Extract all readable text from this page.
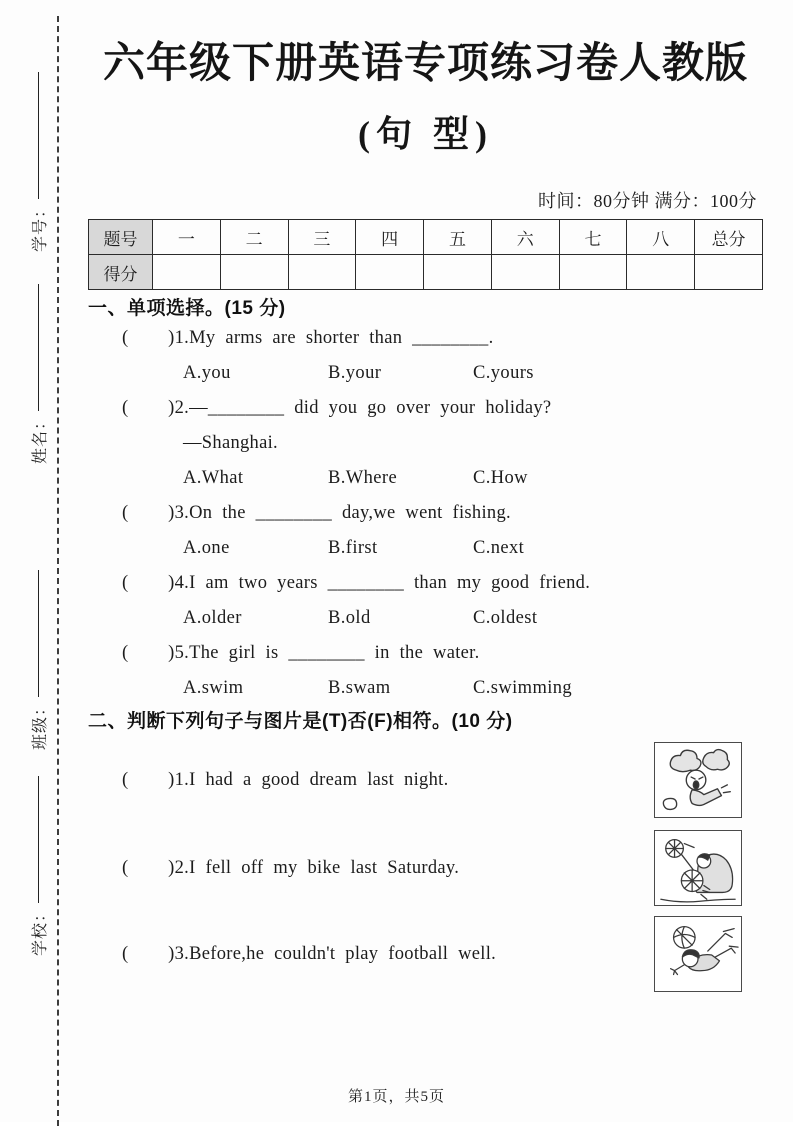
学号：
姓名：
班级：
学校：
六年级下册英语专项练习卷人教版
(句 型)
时间：80分钟 满分：100分
题号	一	二	三	四	五	六	七	八	总分
得分									
一、单项选择。(15 分)
(    )1.My arms are shorter than ________.
A.you	B.your	C.yours
(    )2.—________ did you go over your holiday?
—Shanghai.
A.What	B.Where	C.How
(    )3.On the ________ day,we went fishing.
A.one	B.first	C.next
(    )4.I am two years ________ than my good friend.
A.older	B.old	C.oldest
(    )5.The girl is ________ in the water.
A.swim	B.swam	C.swimming
二、判断下列句子与图片是(T)否(F)相符。(10 分)
(    )1.I had a good dream last night.
(    )2.I fell off my bike last Saturday.
(    )3.Before,he couldn't play football well.
第1页，共5页
